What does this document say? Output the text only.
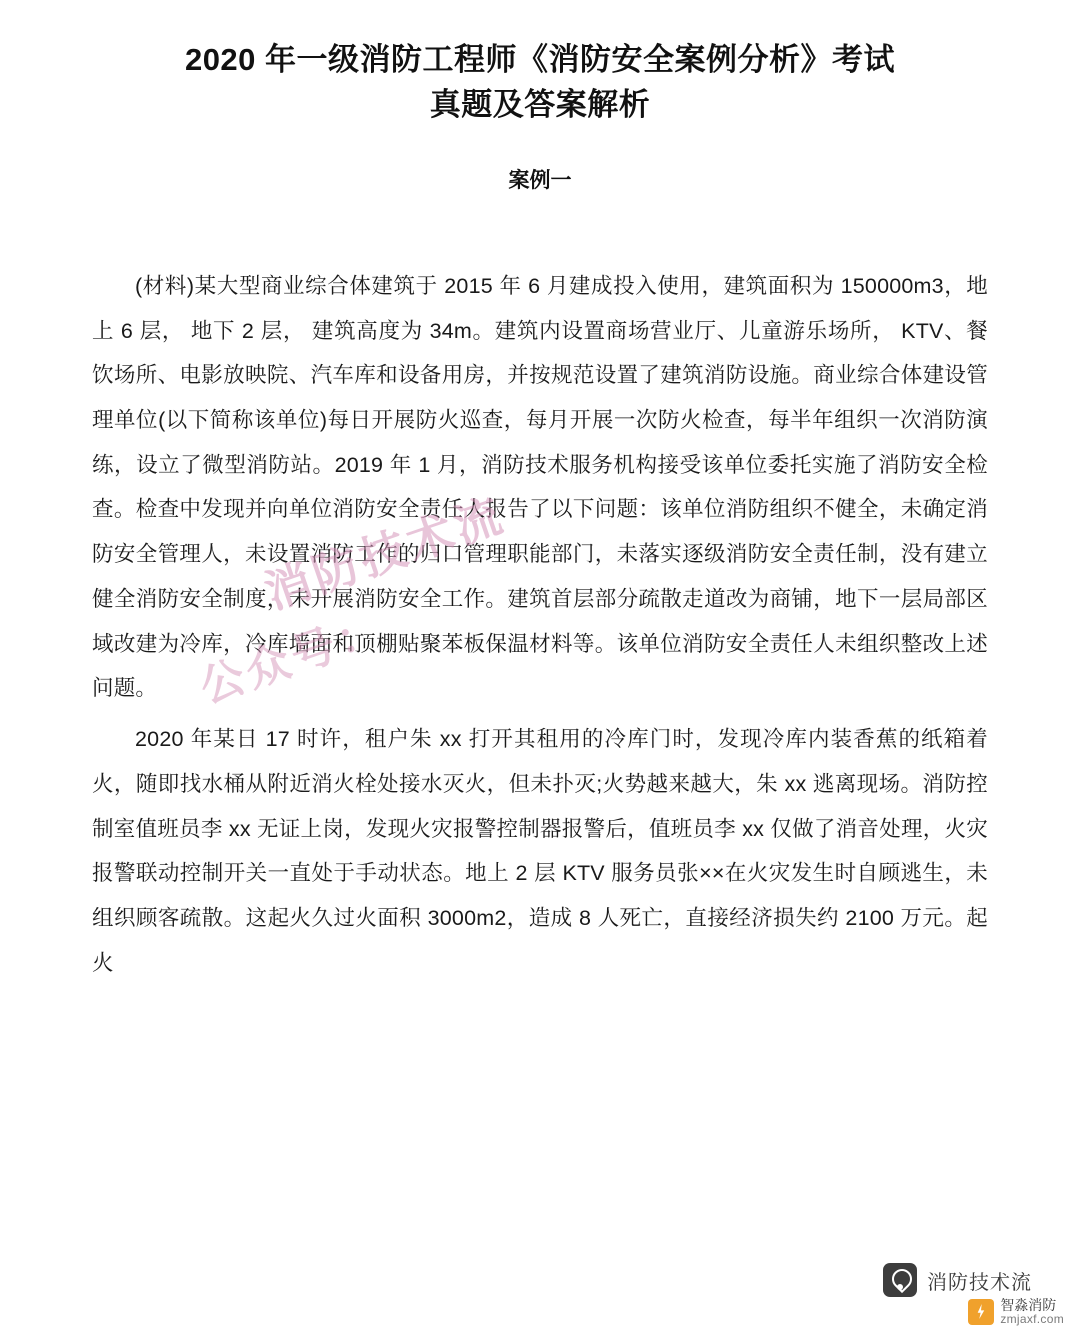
2020 年一级消防工程师《消防安全案例分析》考试
真题及答案解析
案例一

(材料)某大型商业综合体建筑于 2015 年 6 月建成投入使用，建筑面积为 150000m3，地上 6 层， 地下 2 层， 建筑高度为 34m。建筑内设置商场营业厅、儿童游乐场所， KTV、餐饮场所、电影放映院、汽车库和设备用房，并按规范设置了建筑消防设施。商业综合体建设管理单位(以下简称该单位)每日开展防火巡查，每月开展一次防火检查，每半年组织一次消防演练，设立了微型消防站。2019 年 1 月，消防技术服务机构接受该单位委托实施了消防安全检查。检查中发现并向单位消防安全责任人报告了以下问题：该单位消防组织不健全，未确定消防安全管理人，未设置消防工作的归口管理职能部门，未落实逐级消防安全责任制，没有建立健全消防安全制度，未开展消防安全工作。建筑首层部分疏散走道改为商铺，地下一层局部区域改建为冷库，冷库墙面和顶棚贴聚苯板保温材料等。该单位消防安全责任人未组织整改上述问题。

2020 年某日 17 时许，租户朱 xx 打开其租用的冷库门时，发现冷库内装香蕉的纸箱着火，随即找水桶从附近消火栓处接水灭火，但未扑灭;火势越来越大，朱 xx 逃离现场。消防控制室值班员李 xx 无证上岗，发现火灾报警控制器报警后，值班员李 xx 仅做了消音处理，火灾报警联动控制开关一直处于手动状态。地上 2 层 KTV 服务员张××在火灾发生时自顾逃生，未组织顾客疏散。这起火久过火面积 3000m2，造成 8 人死亡，直接经济损失约 2100 万元。起火

消防技术流
公众号：
消防技术流
智淼消防
zmjaxf.com
